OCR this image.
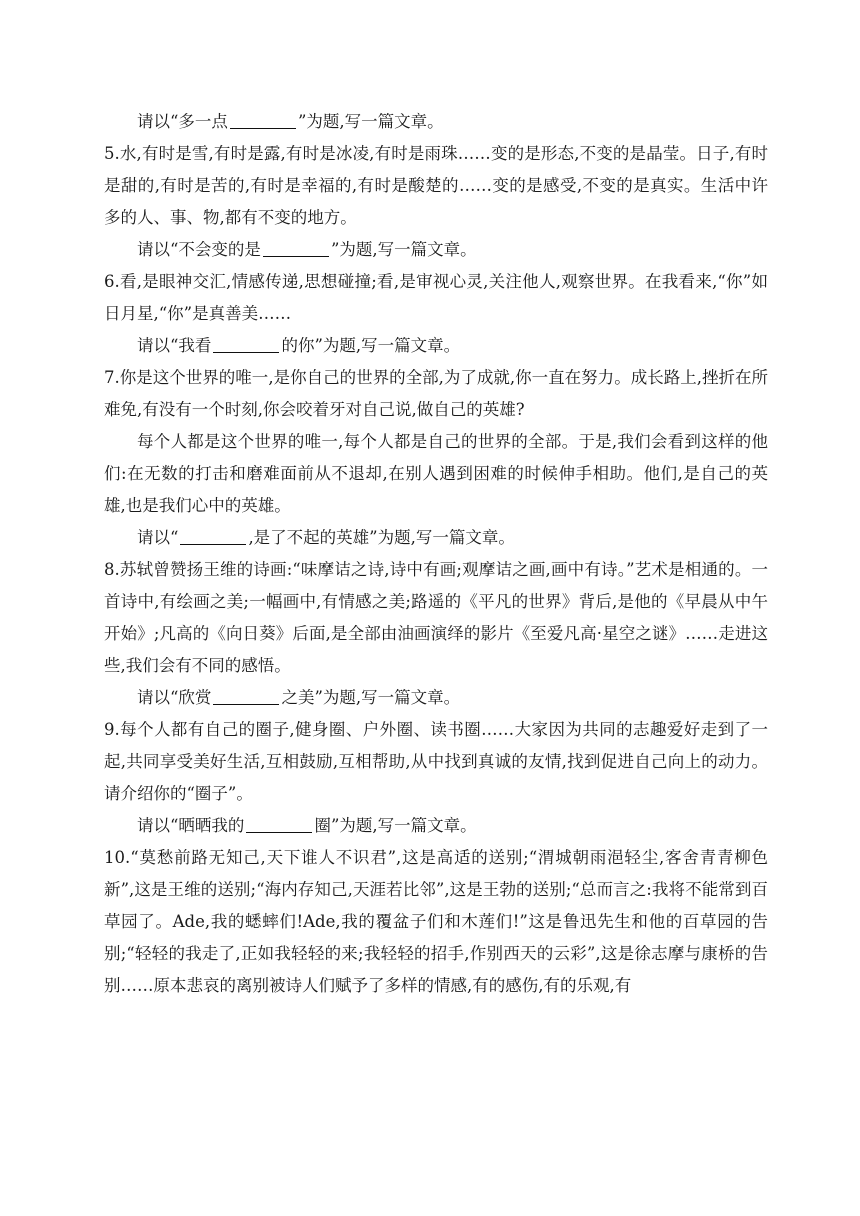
请以“多一点	”为题,写一篇文章。

5.水,有时是雪,有时是露,有时是冰凌,有时是雨珠……变的是形态,不变的是晶莹。日子,有时是甜的,有时是苦的,有时是幸福的,有时是酸楚的……变的是感受,不变的是真实。生活中许多的人、事、物,都有不变的地方。

请以“不会变的是	”为题,写一篇文章。

6.看,是眼神交汇,情感传递,思想碰撞;看,是审视心灵,关注他人,观察世界。在我看来,“你”如日月星,“你”是真善美……

请以“我看	的你”为题,写一篇文章。

7.你是这个世界的唯一,是你自己的世界的全部,为了成就,你一直在努力。成长路上,挫折在所难免,有没有一个时刻,你会咬着牙对自己说,做自己的英雄?

每个人都是这个世界的唯一,每个人都是自己的世界的全部。于是,我们会看到这样的他们:在无数的打击和磨难面前从不退却,在别人遇到困难的时候伸手相助。他们,是自己的英雄,也是我们心中的英雄。

请以“	,是了不起的英雄”为题,写一篇文章。

8.苏轼曾赞扬王维的诗画:“味摩诘之诗,诗中有画;观摩诘之画,画中有诗。”艺术是相通的。一首诗中,有绘画之美;一幅画中,有情感之美;路遥的《平凡的世界》背后,是他的《早晨从中午开始》;凡高的《向日葵》后面,是全部由油画演绎的影片《至爱凡高·星空之谜》……走进这些,我们会有不同的感悟。

请以“欣赏	之美”为题,写一篇文章。

9.每个人都有自己的圈子,健身圈、户外圈、读书圈……大家因为共同的志趣爱好走到了一起,共同享受美好生活,互相鼓励,互相帮助,从中找到真诚的友情,找到促进自己向上的动力。请介绍你的“圈子”。

请以“晒晒我的	圈”为题,写一篇文章。

10.“莫愁前路无知己,天下谁人不识君”,这是高适的送别;“渭城朝雨浥轻尘,客舍青青柳色新”,这是王维的送别;“海内存知己,天涯若比邻”,这是王勃的送别;“总而言之:我将不能常到百草园了。Ade,我的蟋蟀们!Ade,我的覆盆子们和木莲们!”这是鲁迅先生和他的百草园的告别;“轻轻的我走了,正如我轻轻的来;我轻轻的招手,作别西天的云彩”,这是徐志摩与康桥的告别……原本悲哀的离别被诗人们赋予了多样的情感,有的感伤,有的乐观,有
